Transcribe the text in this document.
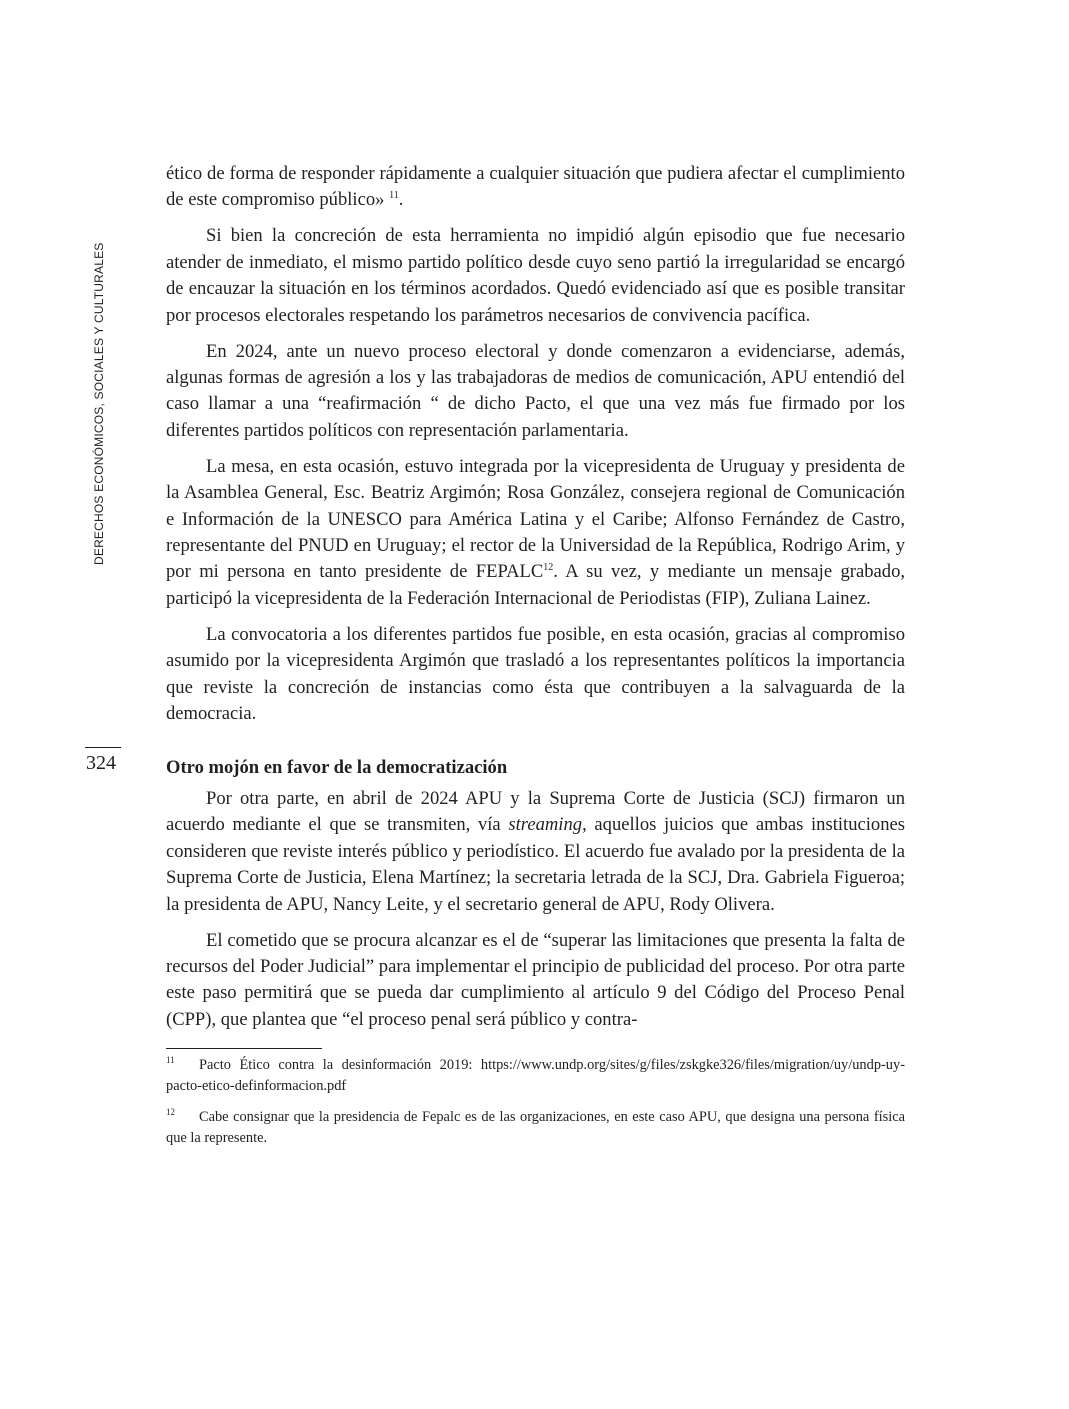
DERECHOS ECONÓMICOS, SOCIALES Y CULTURALES
324

ético de forma de responder rápidamente a cualquier situación que pudiera afectar el cumplimiento de este compromiso público» $^{11}$.

Si bien la concreción de esta herramienta no impidió algún episodio que fue necesario atender de inmediato, el mismo partido político desde cuyo seno partió la irregularidad se encargó de encauzar la situación en los términos acordados. Quedó evidenciado así que es posible transitar por procesos electorales respetando los parámetros necesarios de convivencia pacífica.

En 2024, ante un nuevo proceso electoral y donde comenzaron a evidenciarse, además, algunas formas de agresión a los y las trabajadoras de medios de comunicación, APU entendió del caso llamar a una “reafirmación “ de dicho Pacto, el que una vez más fue firmado por los diferentes partidos políticos con representación parlamentaria.

La mesa, en esta ocasión, estuvo integrada por la vicepresidenta de Uruguay y presidenta de la Asamblea General, Esc. Beatriz Argimón; Rosa González, consejera regional de Comunicación e Información de la UNESCO para América Latina y el Caribe; Alfonso Fernández de Castro, representante del PNUD en Uruguay; el rector de la Universidad de la República, Rodrigo Arim, y por mi persona en tanto presidente de FEPALC$^{12}$. A su vez, y mediante un mensaje grabado, participó la vicepresidenta de la Federación Internacional de Periodistas (FIP), Zuliana Lainez.

La convocatoria a los diferentes partidos fue posible, en esta ocasión, gracias al compromiso asumido por la vicepresidenta Argimón que trasladó a los representantes políticos la importancia que reviste la concreción de instancias como ésta que contribuyen a la salvaguarda de la democracia.

Otro mojón en favor de la democratización

Por otra parte, en abril de 2024 APU y la Suprema Corte de Justicia (SCJ) firmaron un acuerdo mediante el que se transmiten, vía streaming, aquellos juicios que ambas instituciones consideren que reviste interés público y periodístico. El acuerdo fue avalado por la presidenta de la Suprema Corte de Justicia, Elena Martínez; la secretaria letrada de la SCJ, Dra. Gabriela Figueroa; la presidenta de APU, Nancy Leite, y el secretario general de APU, Rody Olivera.

El cometido que se procura alcanzar es el de “superar las limitaciones que presenta la falta de recursos del Poder Judicial” para implementar el principio de publicidad del proceso. Por otra parte este paso permitirá que se pueda dar cumplimiento al artículo 9 del Código del Proceso Penal (CPP), que plantea que “el proceso penal será público y contra-

11 Pacto Ético contra la desinformación 2019: https://www.undp.org/sites/g/files/zskgke326/files/migration/uy/undp-uy-pacto-etico-definformacion.pdf

12 Cabe consignar que la presidencia de Fepalc es de las organizaciones, en este caso APU, que designa una persona física que la represente.
